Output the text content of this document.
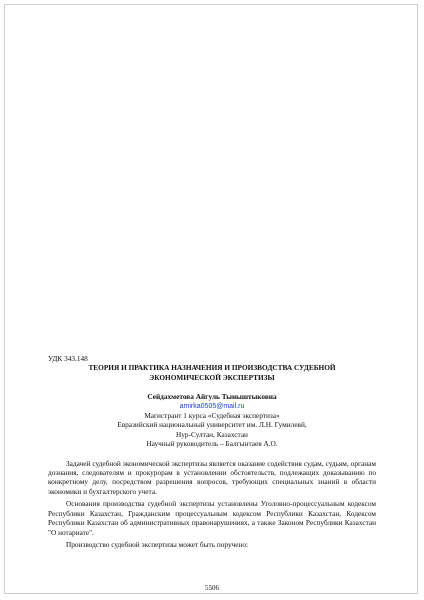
УДК 343.148

ТЕОРИЯ И ПРАКТИКА НАЗНАЧЕНИЯ И ПРОИЗВОДСТВА СУДЕБНОЙ
ЭКОНОМИЧЕСКОЙ ЭКСПЕРТИЗЫ

Сейдахметова Айгуль Тыныштыковна

amirka0505@mail.ru

Магистрант 1 курса «Судебная экспертиза»
Евразийский национальный университет им. Л.Н. Гумилевй,
Нур-Султан, Казахстан
Научный руководитель – Балгынтаев А.О.

Задачей судебной экономической экспертизы является оказание содействия судам, судьям, органам дознания, следователям и прокурорам в установлении обстоятельств, подлежащих доказыванию по конкретному делу, посредством разрешения вопросов, требующих специальных знаний в области экономики и бухгалтерского учета.

Основания производства судебной экспертизы установлены Уголовно-процессуальным кодексом Республики Казахстан, Гражданским процессуальным кодексом Республики Казахстан, Кодексом Республики Казахстан об административных правонарушениях, а также Законом Республики Казахстан "О нотариате".

Производство судебной экспертизы может быть поручено:

5506
